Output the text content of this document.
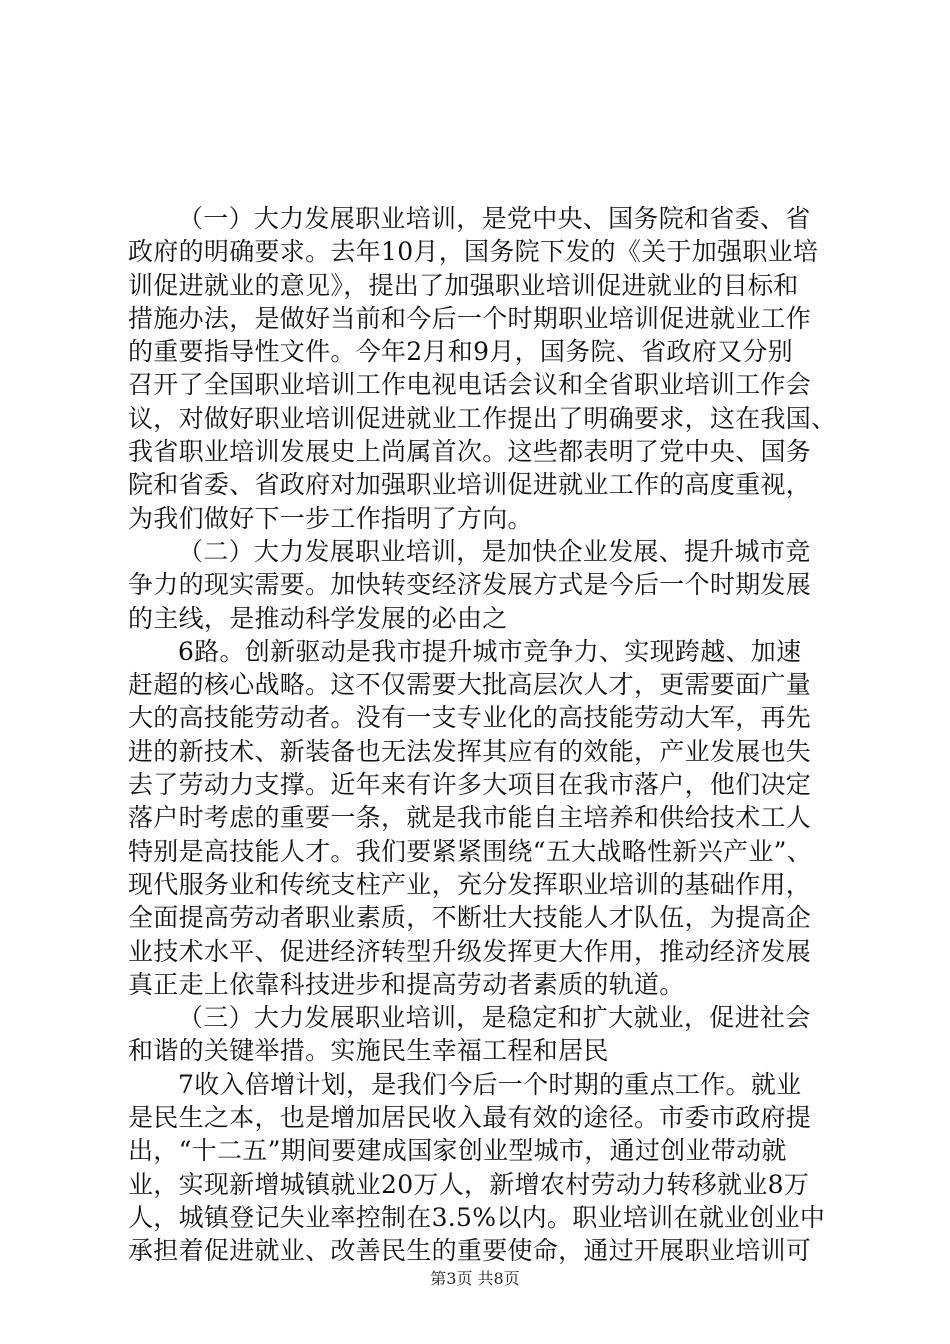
（一）大力发展职业培训，是党中央、国务院和省委、省
政府的明确要求。去年10月，国务院下发的《关于加强职业培
训促进就业的意见》，提出了加强职业培训促进就业的目标和
措施办法，是做好当前和今后一个时期职业培训促进就业工作
的重要指导性文件。今年2月和9月，国务院、省政府又分别
召开了全国职业培训工作电视电话会议和全省职业培训工作会
议，对做好职业培训促进就业工作提出了明确要求，这在我国、
我省职业培训发展史上尚属首次。这些都表明了党中央、国务
院和省委、省政府对加强职业培训促进就业工作的高度重视，
为我们做好下一步工作指明了方向。
（二）大力发展职业培训，是加快企业发展、提升城市竞
争力的现实需要。加快转变经济发展方式是今后一个时期发展
的主线，是推动科学发展的必由之
6路。创新驱动是我市提升城市竞争力、实现跨越、加速
赶超的核心战略。这不仅需要大批高层次人才，更需要面广量
大的高技能劳动者。没有一支专业化的高技能劳动大军，再先
进的新技术、新装备也无法发挥其应有的效能，产业发展也失
去了劳动力支撑。近年来有许多大项目在我市落户，他们决定
落户时考虑的重要一条，就是我市能自主培养和供给技术工人
特别是高技能人才。我们要紧紧围绕“五大战略性新兴产业”、
现代服务业和传统支柱产业，充分发挥职业培训的基础作用，
全面提高劳动者职业素质，不断壮大技能人才队伍，为提高企
业技术水平、促进经济转型升级发挥更大作用，推动经济发展
真正走上依靠科技进步和提高劳动者素质的轨道。
（三）大力发展职业培训，是稳定和扩大就业，促进社会
和谐的关键举措。实施民生幸福工程和居民
7收入倍增计划，是我们今后一个时期的重点工作。就业
是民生之本，也是增加居民收入最有效的途径。市委市政府提
出，“十二五”期间要建成国家创业型城市，通过创业带动就
业，实现新增城镇就业20万人，新增农村劳动力转移就业8万
人，城镇登记失业率控制在3.5%以内。职业培训在就业创业中
承担着促进就业、改善民生的重要使命，通过开展职业培训可
第3页 共8页
